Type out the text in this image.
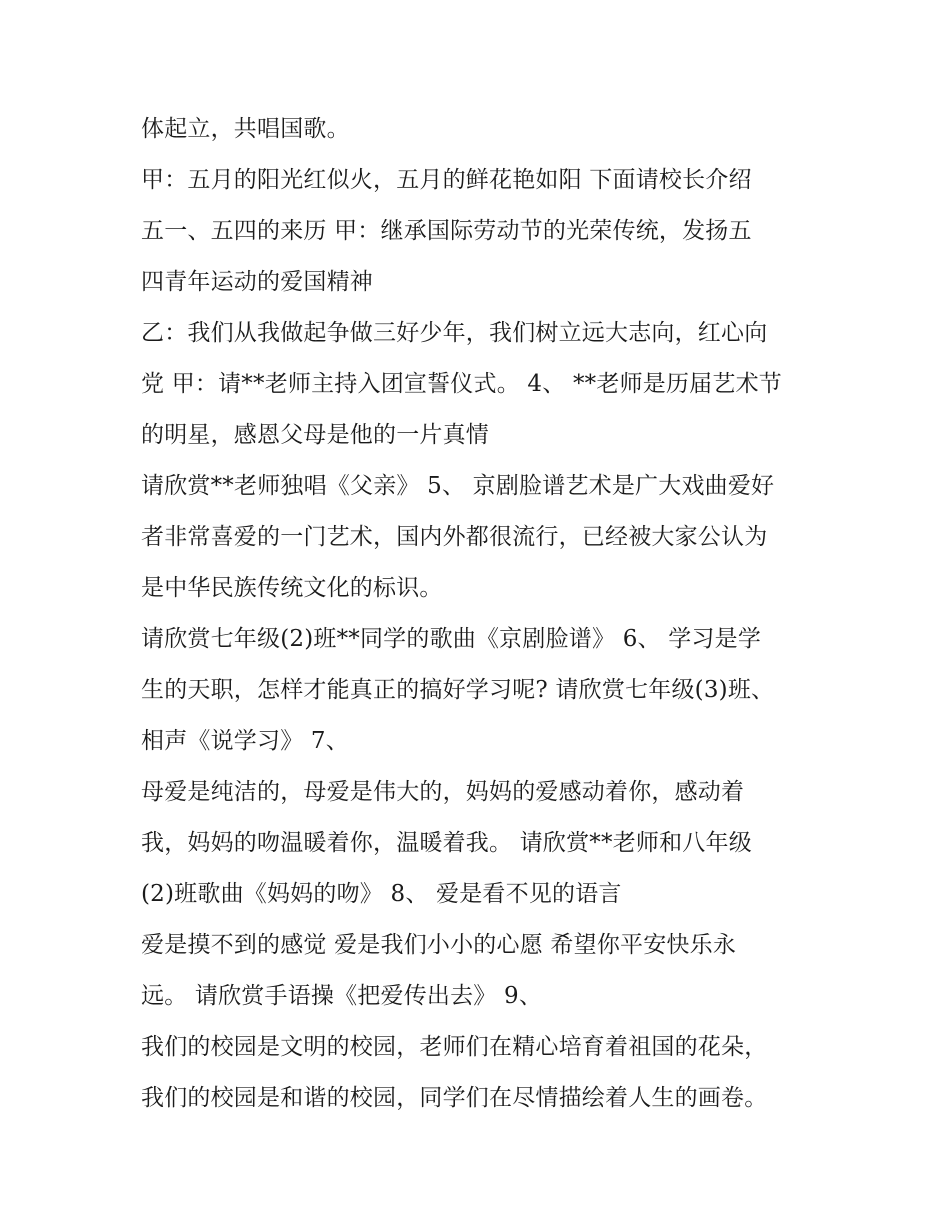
体起立，共唱国歌。
甲：五月的阳光红似火，五月的鲜花艳如阳 下面请校长介绍
五一、五四的来历 甲：继承国际劳动节的光荣传统，发扬五
四青年运动的爱国精神
乙：我们从我做起争做三好少年，我们树立远大志向，红心向
党 甲：请**老师主持入团宣誓仪式。 4、 **老师是历届艺术节
的明星，感恩父母是他的一片真情
请欣赏**老师独唱《父亲》 5、 京剧脸谱艺术是广大戏曲爱好
者非常喜爱的一门艺术，国内外都很流行，已经被大家公认为
是中华民族传统文化的标识。
请欣赏七年级(2)班**同学的歌曲《京剧脸谱》 6、 学习是学
生的天职，怎样才能真正的搞好学习呢? 请欣赏七年级(3)班、
相声《说学习》 7、
母爱是纯洁的，母爱是伟大的，妈妈的爱感动着你，感动着
我，妈妈的吻温暖着你，温暖着我。 请欣赏**老师和八年级
(2)班歌曲《妈妈的吻》 8、 爱是看不见的语言
爱是摸不到的感觉 爱是我们小小的心愿 希望你平安快乐永
远。 请欣赏手语操《把爱传出去》 9、
我们的校园是文明的校园，老师们在精心培育着祖国的花朵，
我们的校园是和谐的校园，同学们在尽情描绘着人生的画卷。
